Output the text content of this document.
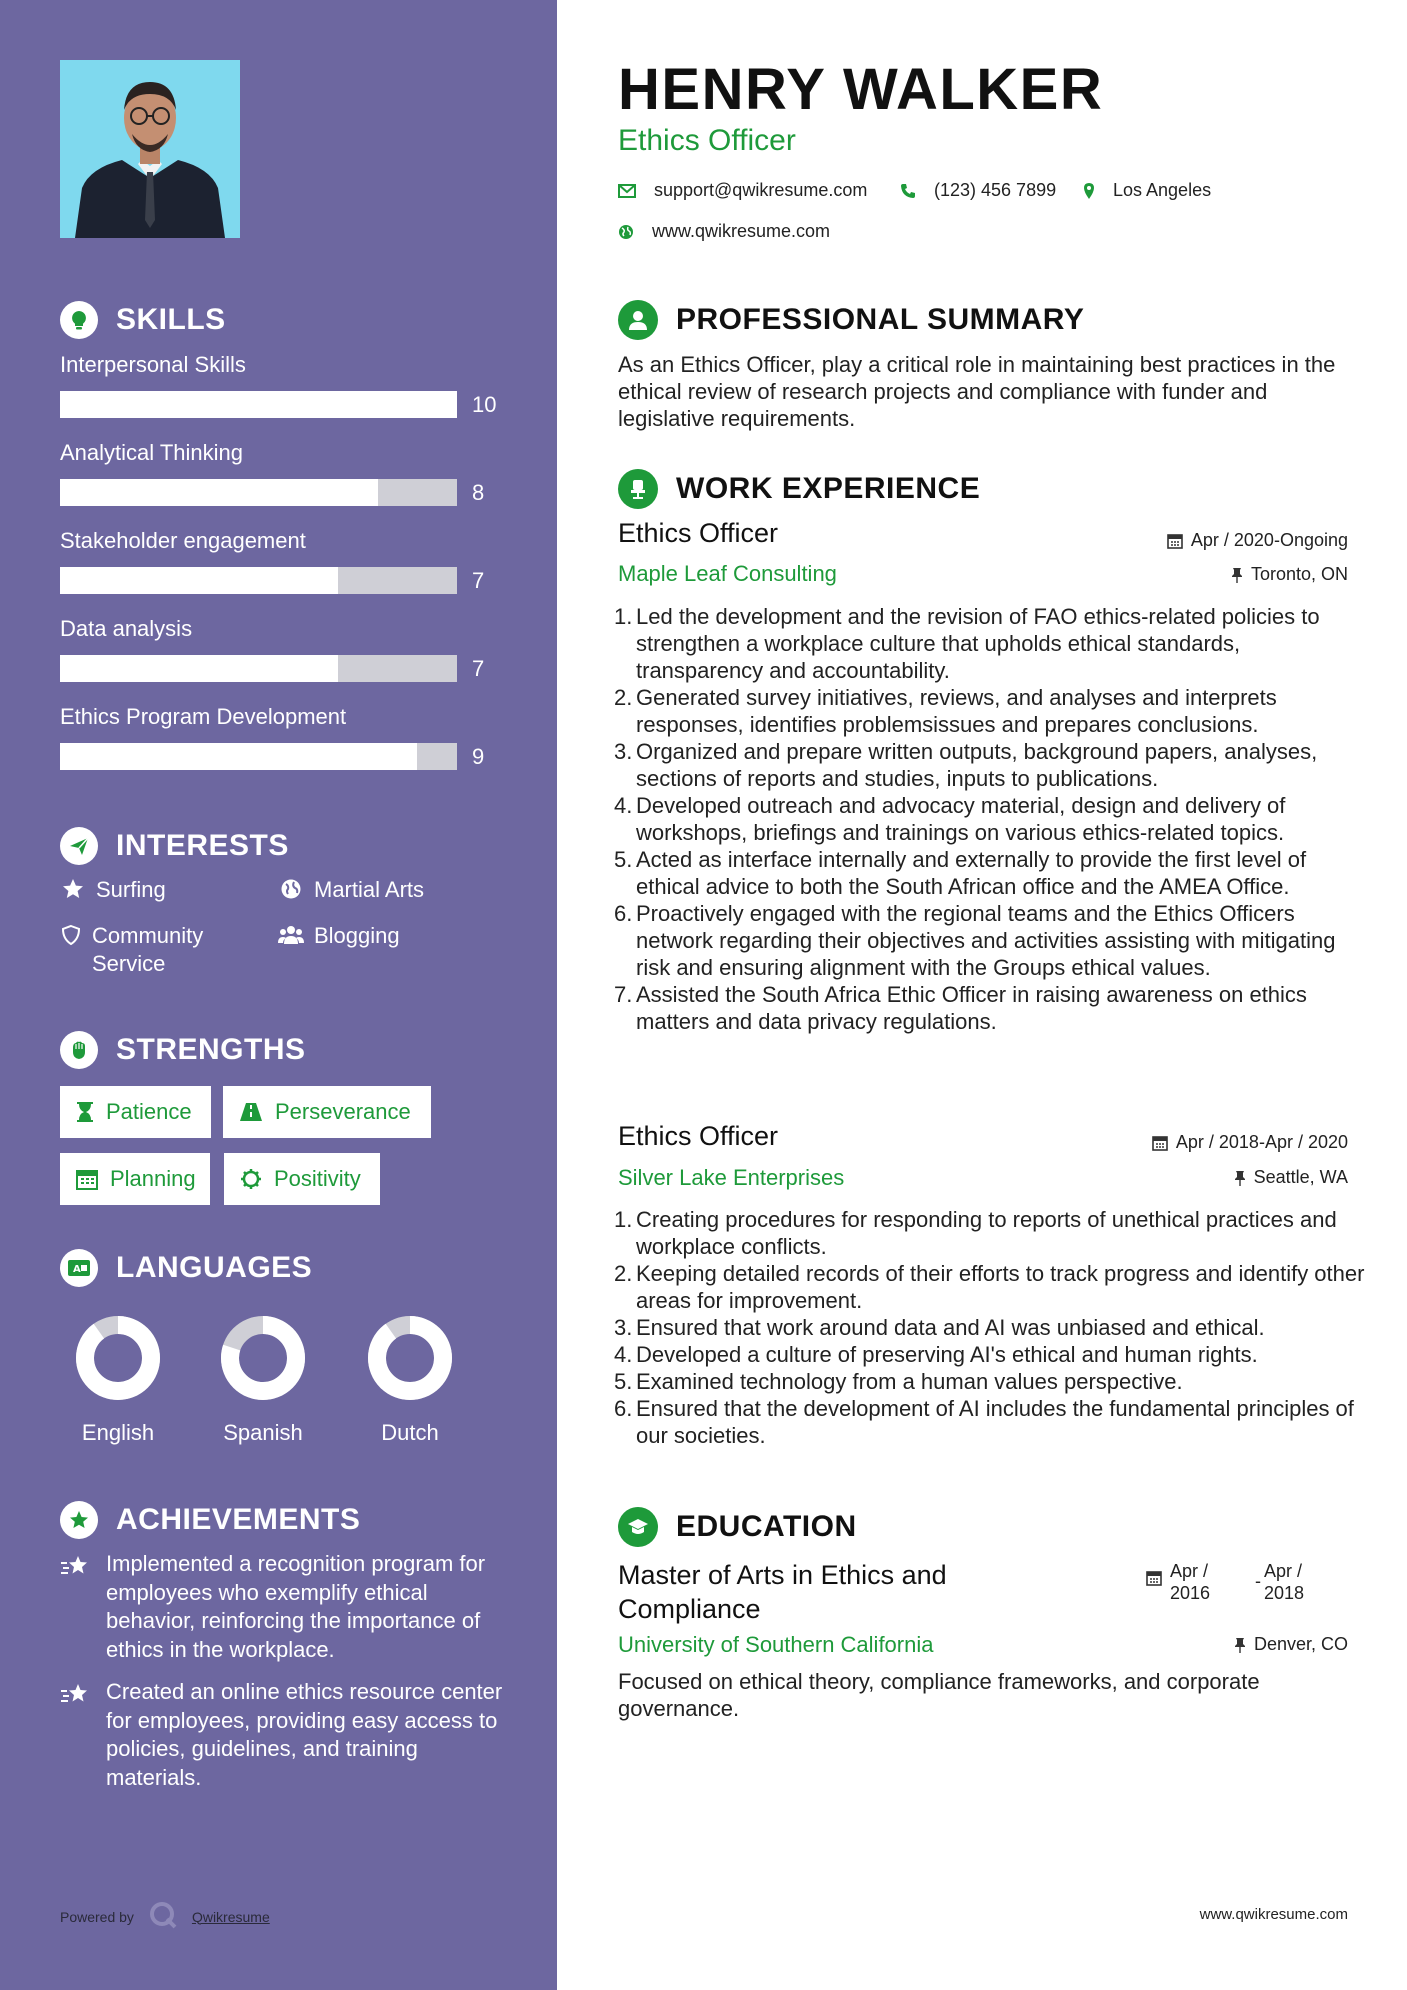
SKILLS
Interpersonal Skills
10
Analytical Thinking
8
Stakeholder engagement
7
Data analysis
7
Ethics Program Development
9
INTERESTS
Surfing	Martial Arts
Community Service
Blogging
STRENGTHS
Patience	Perseverance
Planning	Positivity
A LANGUAGES
English	Spanish	Dutch
ACHIEVEMENTS
Implemented a recognition program for employees who exemplify ethical behavior, reinforcing the importance of ethics in the workplace.
Created an online ethics resource center for employees, providing easy access to policies, guidelines, and training materials.
Powered by	Qwikresume
HENRY WALKER
Ethics Officer
support@qwikresume.com	(123) 456 7899	Los Angeles
www.qwikresume.com
PROFESSIONAL SUMMARY
As an Ethics Officer, play a critical role in maintaining best practices in the ethical review of research projects and compliance with funder and legislative requirements.
WORK EXPERIENCE
Ethics Officer	Apr / 2020-Ongoing
Maple Leaf Consulting	Toronto, ON
Led the development and the revision of FAO ethics-related policies to strengthen a workplace culture that upholds ethical standards, transparency and accountability.
Generated survey initiatives, reviews, and analyses and interprets responses, identifies problemsissues and prepares conclusions.
Organized and prepare written outputs, background papers, analyses, sections of reports and studies, inputs to publications.
Developed outreach and advocacy material, design and delivery of workshops, briefings and trainings on various ethics-related topics.
Acted as interface internally and externally to provide the first level of ethical advice to both the South African office and the AMEA Office.
Proactively engaged with the regional teams and the Ethics Officers network regarding their objectives and activities assisting with mitigating risk and ensuring alignment with the Groups ethical values.
Assisted the South Africa Ethic Officer in raising awareness on ethics matters and data privacy regulations.
Ethics Officer	Apr / 2018-Apr / 2020
Silver Lake Enterprises	Seattle, WA
Creating procedures for responding to reports of unethical practices and workplace conflicts.
Keeping detailed records of their efforts to track progress and identify other areas for improvement.
Ensured that work around data and AI was unbiased and ethical.
Developed a culture of preserving AI's ethical and human rights.
Examined technology from a human values perspective.
Ensured that the development of AI includes the fundamental principles of our societies.
EDUCATION
Master of Arts in Ethics and Compliance
Apr / 2016
- Apr / 2018
University of Southern California	Denver, CO
Focused on ethical theory, compliance frameworks, and corporate governance.
www.qwikresume.com
